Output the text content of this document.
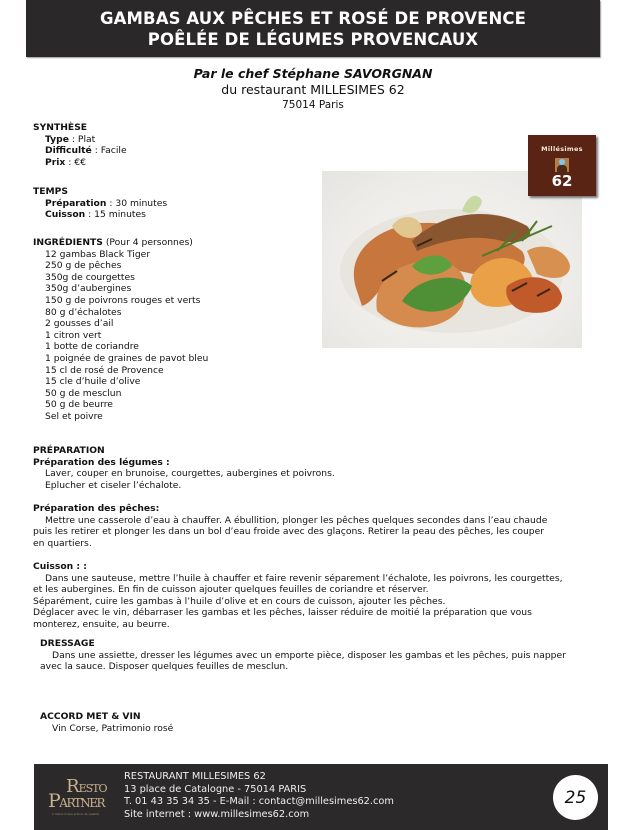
GAMBAS AUX PÊCHES ET ROSÉ DE PROVENCE
POÊLÉE DE LÉGUMES PROVENCAUX
Par le chef Stéphane SAVORGNAN
du restaurant MILLESIMES 62
75014 Paris
SYNTHÈSE
Type : Plat
Difficulté : Facile
Prix : €€
TEMPS
Préparation : 30 minutes
Cuisson : 15 minutes
INGRÉDIENTS (Pour 4 personnes)
12 gambas Black Tiger
250 g de pêches
350g de courgettes
350g d’aubergines
150 g de poivrons rouges et verts
80 g d’échalotes
2 gousses d’ail
1 citron vert
1 botte de coriandre
1 poignée de graines de pavot bleu
15 cl de rosé de Provence
15 cle d’huile d’olive
50 g de mesclun
50 g de beurre
Sel et poivre
Millésimes
62
PRÉPARATION
Préparation des légumes :
Laver, couper en brunoise, courgettes, aubergines et poivrons.
Eplucher et ciseler l’échalote.
Préparation des pêches:
Mettre une casserole d’eau à chauffer. A ébullition, plonger les pêches quelques secondes dans l’eau chaude
puis les retirer et plonger les dans un bol d’eau froide avec des glaçons. Retirer la peau des pêches, les couper
en quartiers.
Cuisson : :
Dans une sauteuse, mettre l’huile à chauffer et faire revenir séparement l’échalote, les poivrons, les courgettes,
et les aubergines. En fin de cuisson ajouter quelques feuilles de coriandre et réserver.
Séparément, cuire les gambas à l’huile d’olive et en cours de cuisson, ajouter les pêches.
Déglacer avec le vin, débarraser les gambas et les pêches, laisser réduire de moitié la préparation que vous
monterez, ensuite, au beurre.
DRESSAGE
Dans une assiette, dresser les légumes avec un emporte pièce, disposer les gambas et les pêches, puis napper
avec la sauce. Disposer quelques feuilles de mesclun.
ACCORD MET & VIN
Vin Corse, Patrimonio rosé
RESTO
PARTNER
L'union d'une action de qualité
RESTAURANT MILLESIMES 62
13 place de Catalogne - 75014 PARIS
T. 01 43 35 34 35 - E-Mail : contact@millesimes62.com
Site internet : www.millesimes62.com
25
